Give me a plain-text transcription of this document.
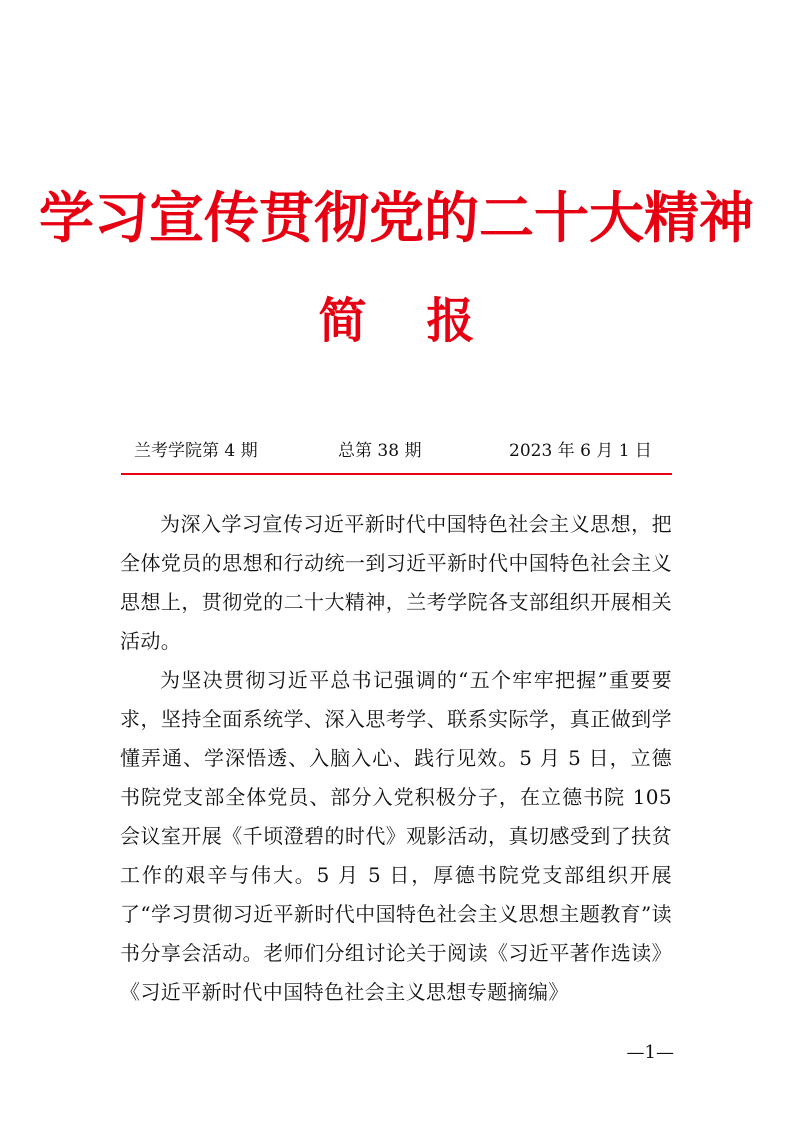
学习宣传贯彻党的二十大精神
简报
兰考学院第 4 期	总第 38 期	2023 年 6 月 1 日

为深入学习宣传习近平新时代中国特色社会主义思想，把全体党员的思想和行动统一到习近平新时代中国特色社会主义思想上，贯彻党的二十大精神，兰考学院各支部组织开展相关活动。

为坚决贯彻习近平总书记强调的“五个牢牢把握”重要要求，坚持全面系统学、深入思考学、联系实际学，真正做到学懂弄通、学深悟透、入脑入心、践行见效。5 月 5 日，立德书院党支部全体党员、部分入党积极分子，在立德书院 105 会议室开展《千顷澄碧的时代》观影活动，真切感受到了扶贫工作的艰辛与伟大。5 月 5 日，厚德书院党支部组织开展了“学习贯彻习近平新时代中国特色社会主义思想主题教育”读书分享会活动。老师们分组讨论关于阅读《习近平著作选读》《习近平新时代中国特色社会主义思想专题摘编》

—1—
